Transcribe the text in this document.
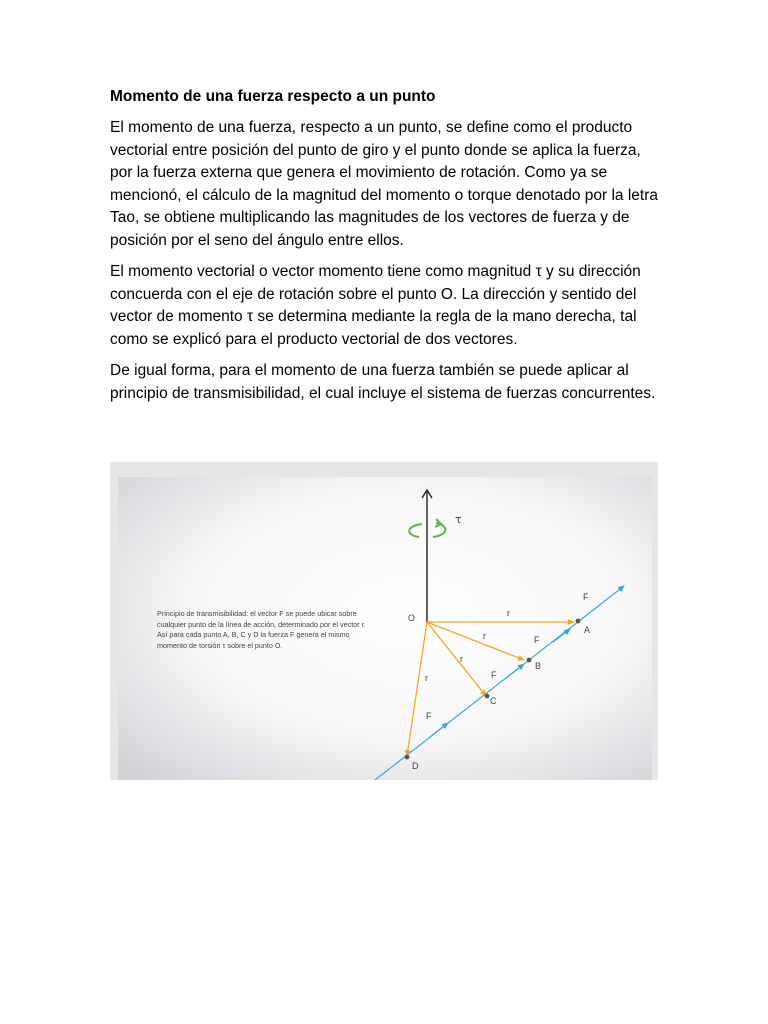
Momento de una fuerza respecto a un punto

El momento de una fuerza, respecto a un punto, se define como el producto vectorial entre posición del punto de giro y el punto donde se aplica la fuerza, por la fuerza externa que genera el movimiento de rotación. Como ya se mencionó, el cálculo de la magnitud del momento o torque denotado por la letra Tao, se obtiene multiplicando las magnitudes de los vectores de fuerza y de posición por el seno del ángulo entre ellos.

El momento vectorial o vector momento tiene como magnitud τ y su dirección concuerda con el eje de rotación sobre el punto O. La dirección y sentido del vector de momento τ se determina mediante la regla de la mano derecha, tal como se explicó para el producto vectorial de dos vectores.

De igual forma, para el momento de una fuerza también se puede aplicar al principio de transmisibilidad, el cual incluye el sistema de fuerzas concurrentes.

τ
O
A
B
C
D
r
r
r
r
F
F
F
F
Principio de transmisibilidad: el vector F se puede ubicar sobre cualquier punto de la línea de acción, determinado por el vector r. Así para cada punto A, B, C y D la fuerza F genera el mismo momento de torsión τ sobre el punto O.
